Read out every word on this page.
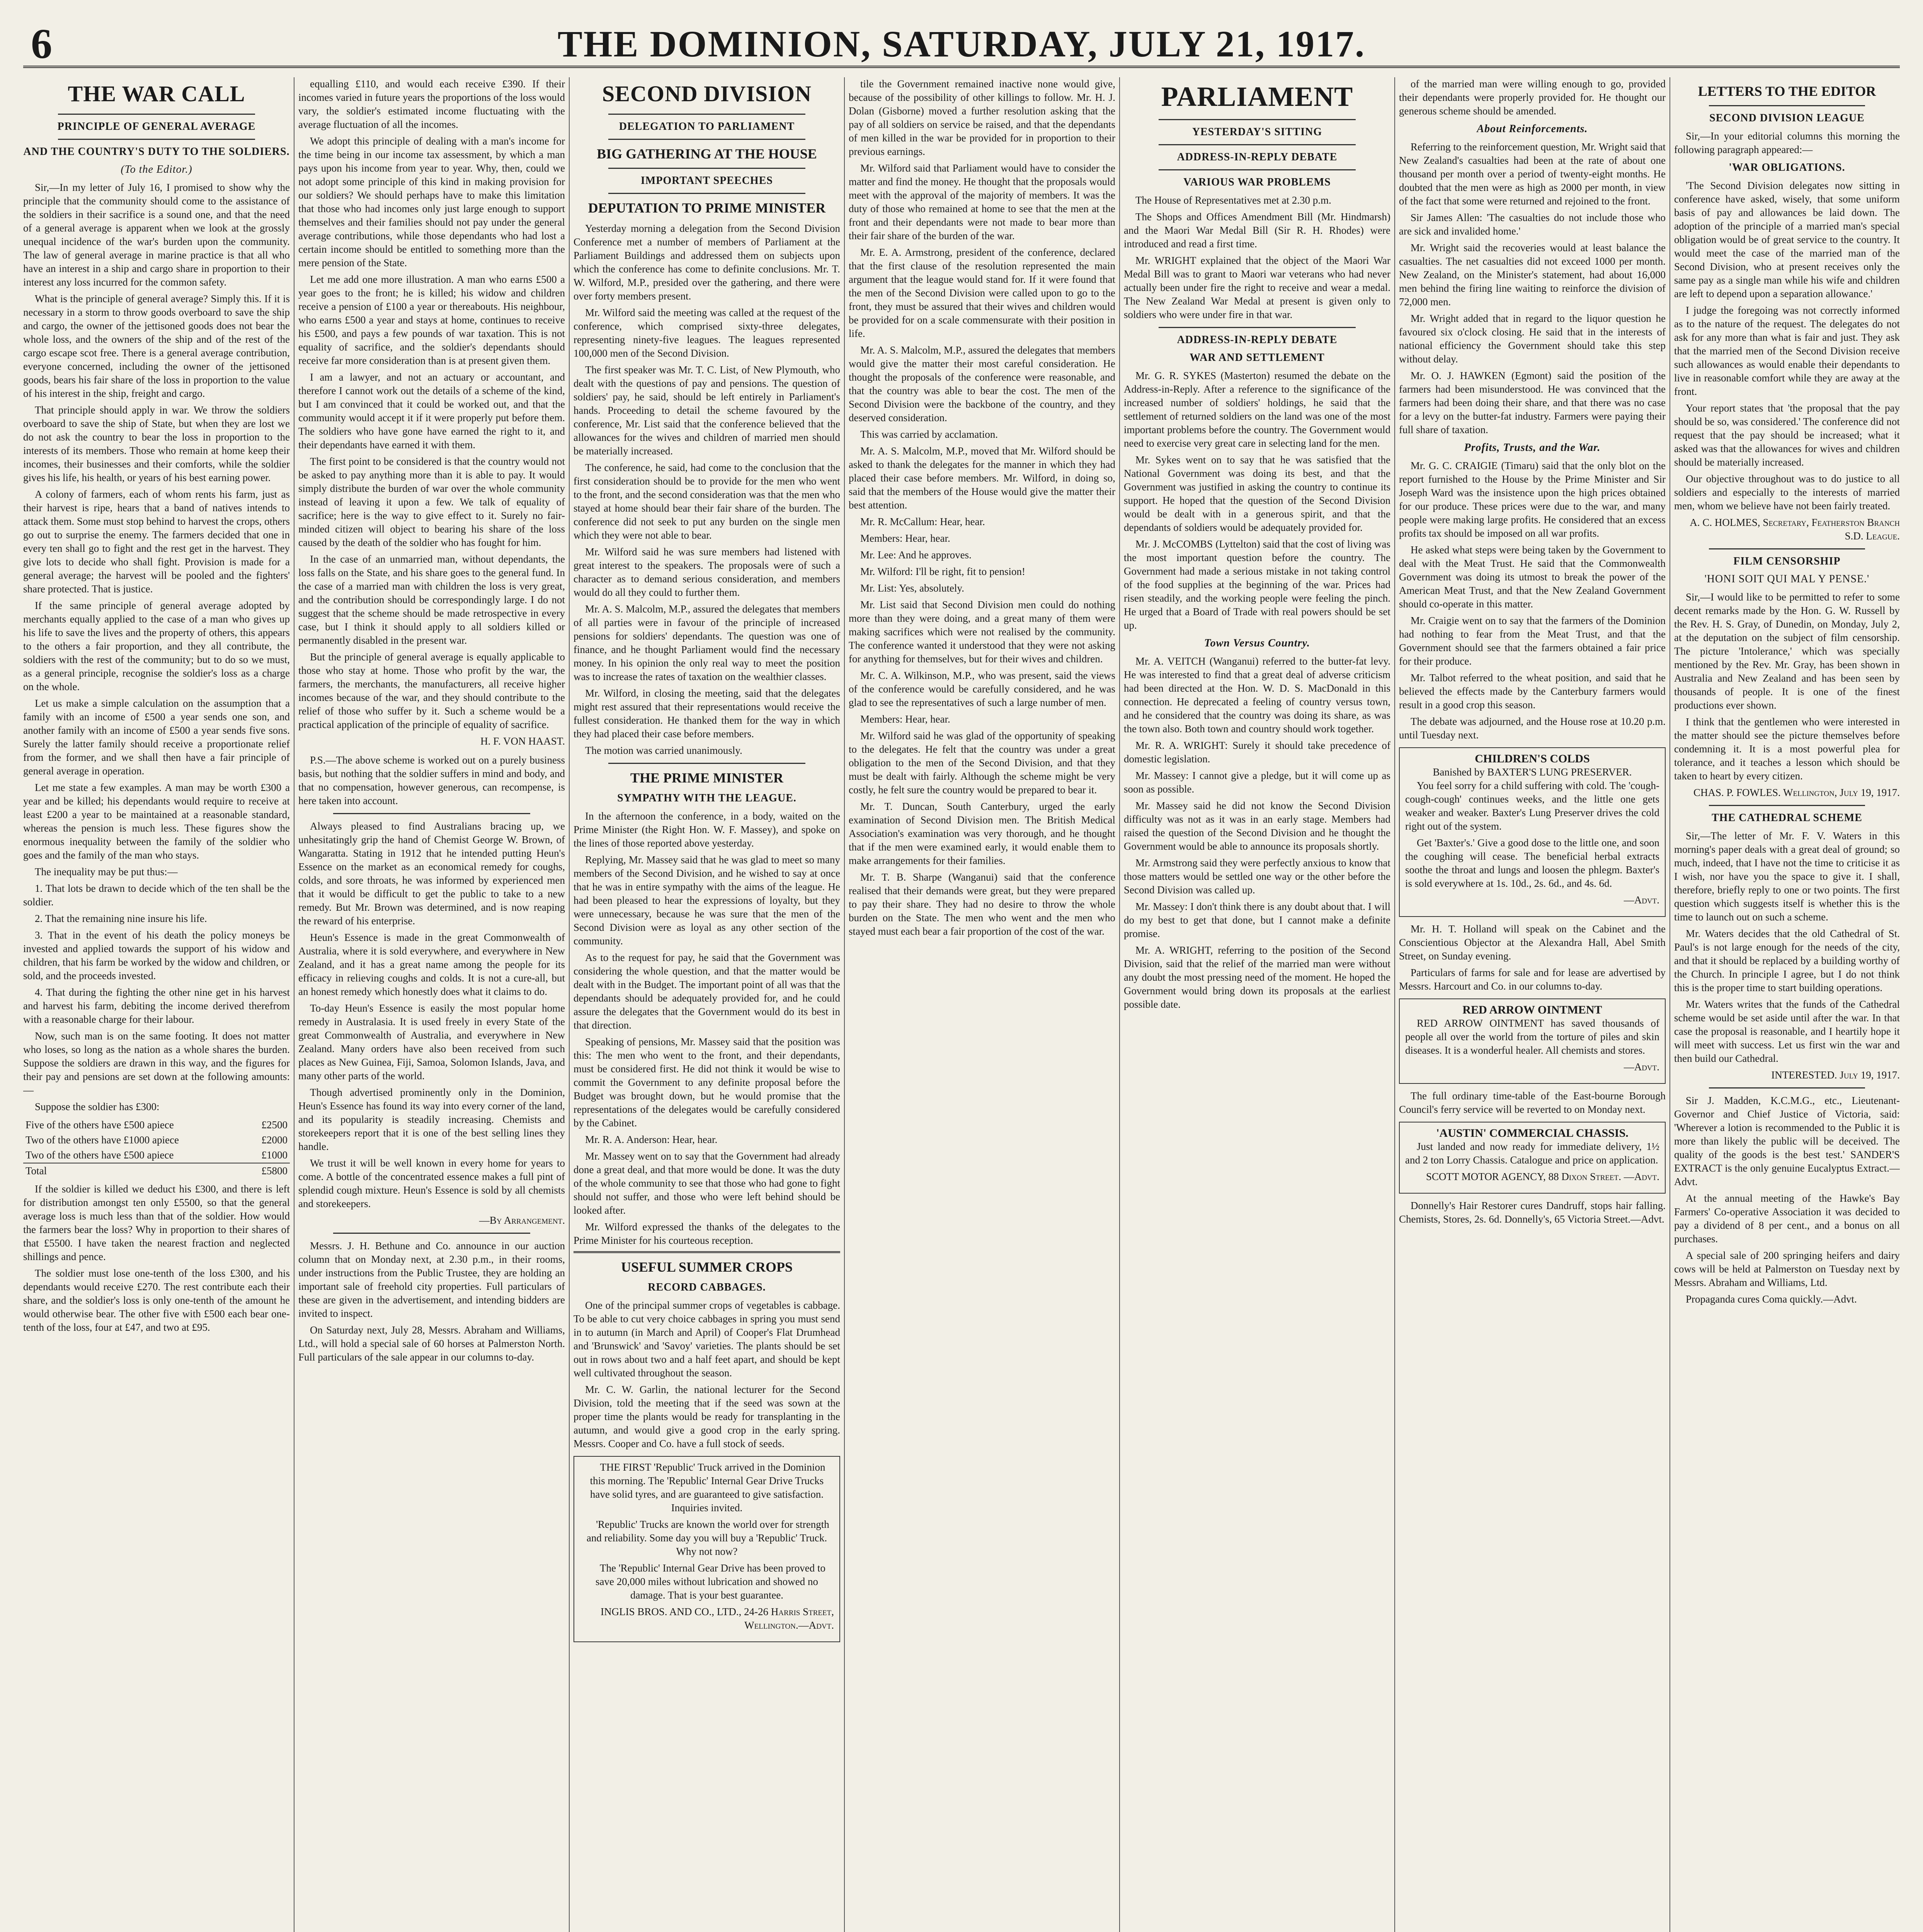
6	THE DOMINION, SATURDAY, JULY 21, 1917.
THE WAR CALL
PRINCIPLE OF GENERAL AVERAGE
AND THE COUNTRY'S DUTY TO THE SOLDIERS.
(To the Editor.)

Sir,—In my letter of July 16, I promised to show why the principle that the community should come to the assistance of the soldiers in their sacrifice is a sound one, and that the need of a general average is apparent when we look at the grossly unequal incidence of the war's burden upon the community. The law of general average in marine practice is that all who have an interest in a ship and cargo share in proportion to their interest any loss incurred for the common safety.

What is the principle of general average? Simply this. If it is necessary in a storm to throw goods overboard to save the ship and cargo, the owner of the jettisoned goods does not bear the whole loss, and the owners of the ship and of the rest of the cargo escape scot free. There is a general average contribution, everyone concerned, including the owner of the jettisoned goods, bears his fair share of the loss in proportion to the value of his interest in the ship, freight and cargo.

That principle should apply in war. We throw the soldiers overboard to save the ship of State, but when they are lost we do not ask the country to bear the loss in proportion to the interests of its members. Those who remain at home keep their incomes, their businesses and their comforts, while the soldier gives his life, his health, or years of his best earning power.

A colony of farmers, each of whom rents his farm, just as their harvest is ripe, hears that a band of natives intends to attack them. Some must stop behind to harvest the crops, others go out to surprise the enemy. The farmers decided that one in every ten shall go to fight and the rest get in the harvest. They give lots to decide who shall fight. Provision is made for a general average; the harvest will be pooled and the fighters' share protected. That is justice.

If the same principle of general average adopted by merchants equally applied to the case of a man who gives up his life to save the lives and the property of others, this appears to the others a fair proportion, and they all contribute, the soldiers with the rest of the community; but to do so we must, as a general principle, recognise the soldier's loss as a charge on the whole.

Let us make a simple calculation on the assumption that a family with an income of £500 a year sends one son, and another family with an income of £500 a year sends five sons. Surely the latter family should receive a proportionate relief from the former, and we shall then have a fair principle of general average in operation.

Let me state a few examples. A man may be worth £300 a year and be killed; his dependants would require to receive at least £200 a year to be maintained at a reasonable standard, whereas the pension is much less. These figures show the enormous inequality between the family of the soldier who goes and the family of the man who stays.

The inequality may be put thus:—

1. That lots be drawn to decide which of the ten shall be the soldier.

2. That the remaining nine insure his life.

3. That in the event of his death the policy moneys be invested and applied towards the support of his widow and children, that his farm be worked by the widow and children, or sold, and the proceeds invested.

4. That during the fighting the other nine get in his harvest and harvest his farm, debiting the income derived therefrom with a reasonable charge for their labour.

Now, such man is on the same footing. It does not matter who loses, so long as the nation as a whole shares the burden. Suppose the soldiers are drawn in this way, and the figures for their pay and pensions are set down at the following amounts:—

Suppose the soldier has £300:

Five of the others have £500 apiece	£2500
Two of the others have £1000 apiece	£2000
Two of the others have £500 apiece	£1000
Total	£5800

If the soldier is killed we deduct his £300, and there is left for distribution amongst ten only £5500, so that the general average loss is much less than that of the soldier. How would the farmers bear the loss? Why in proportion to their shares of that £5500. I have taken the nearest fraction and neglected shillings and pence.

The soldier must lose one-tenth of the loss £300, and his dependants would receive £270. The rest contribute each their share, and the soldier's loss is only one-tenth of the amount he would otherwise bear. The other five with £500 each bear one-tenth of the loss, four at £47, and two at £95.

equalling £110, and would each receive £390. If their incomes varied in future years the proportions of the loss would vary, the soldier's estimated income fluctuating with the average fluctuation of all the incomes.

We adopt this principle of dealing with a man's income for the time being in our income tax assessment, by which a man pays upon his income from year to year. Why, then, could we not adopt some principle of this kind in making provision for our soldiers? We should perhaps have to make this limitation that those who had incomes only just large enough to support themselves and their families should not pay under the general average contributions, while those dependants who had lost a certain income should be entitled to something more than the mere pension of the State.

Let me add one more illustration. A man who earns £500 a year goes to the front; he is killed; his widow and children receive a pension of £100 a year or thereabouts. His neighbour, who earns £500 a year and stays at home, continues to receive his £500, and pays a few pounds of war taxation. This is not equality of sacrifice, and the soldier's dependants should receive far more consideration than is at present given them.

I am a lawyer, and not an actuary or accountant, and therefore I cannot work out the details of a scheme of the kind, but I am convinced that it could be worked out, and that the community would accept it if it were properly put before them. The soldiers who have gone have earned the right to it, and their dependants have earned it with them.

The first point to be considered is that the country would not be asked to pay anything more than it is able to pay. It would simply distribute the burden of war over the whole community instead of leaving it upon a few. We talk of equality of sacrifice; here is the way to give effect to it. Surely no fair-minded citizen will object to bearing his share of the loss caused by the death of the soldier who has fought for him.

In the case of an unmarried man, without dependants, the loss falls on the State, and his share goes to the general fund. In the case of a married man with children the loss is very great, and the contribution should be correspondingly large. I do not suggest that the scheme should be made retrospective in every case, but I think it should apply to all soldiers killed or permanently disabled in the present war.

But the principle of general average is equally applicable to those who stay at home. Those who profit by the war, the farmers, the merchants, the manufacturers, all receive higher incomes because of the war, and they should contribute to the relief of those who suffer by it. Such a scheme would be a practical application of the principle of equality of sacrifice.

H. F. VON HAAST.

P.S.—The above scheme is worked out on a purely business basis, but nothing that the soldier suffers in mind and body, and that no compensation, however generous, can recompense, is here taken into account.

Always pleased to find Australians bracing up, we unhesitatingly grip the hand of Chemist George W. Brown, of Wangaratta. Stating in 1912 that he intended putting Heun's Essence on the market as an economical remedy for coughs, colds, and sore throats, he was informed by experienced men that it would be difficult to get the public to take to a new remedy. But Mr. Brown was determined, and is now reaping the reward of his enterprise.

Heun's Essence is made in the great Commonwealth of Australia, where it is sold everywhere, and everywhere in New Zealand, and it has a great name among the people for its efficacy in relieving coughs and colds. It is not a cure-all, but an honest remedy which honestly does what it claims to do.

To-day Heun's Essence is easily the most popular home remedy in Australasia. It is used freely in every State of the great Commonwealth of Australia, and everywhere in New Zealand. Many orders have also been received from such places as New Guinea, Fiji, Samoa, Solomon Islands, Java, and many other parts of the world.

Though advertised prominently only in the Dominion, Heun's Essence has found its way into every corner of the land, and its popularity is steadily increasing. Chemists and storekeepers report that it is one of the best selling lines they handle.

We trust it will be well known in every home for years to come. A bottle of the concentrated essence makes a full pint of splendid cough mixture. Heun's Essence is sold by all chemists and storekeepers.

—By Arrangement.

Messrs. J. H. Bethune and Co. announce in our auction column that on Monday next, at 2.30 p.m., in their rooms, under instructions from the Public Trustee, they are holding an important sale of freehold city properties. Full particulars of these are given in the advertisement, and intending bidders are invited to inspect.

On Saturday next, July 28, Messrs. Abraham and Williams, Ltd., will hold a special sale of 60 horses at Palmerston North. Full particulars of the sale appear in our columns to-day.

SECOND DIVISION
DELEGATION TO PARLIAMENT
BIG GATHERING AT THE HOUSE
IMPORTANT SPEECHES
DEPUTATION TO PRIME MINISTER

Yesterday morning a delegation from the Second Division Conference met a number of members of Parliament at the Parliament Buildings and addressed them on subjects upon which the conference has come to definite conclusions. Mr. T. W. Wilford, M.P., presided over the gathering, and there were over forty members present.

Mr. Wilford said the meeting was called at the request of the conference, which comprised sixty-three delegates, representing ninety-five leagues. The leagues represented 100,000 men of the Second Division.

The first speaker was Mr. T. C. List, of New Plymouth, who dealt with the questions of pay and pensions. The question of soldiers' pay, he said, should be left entirely in Parliament's hands. Proceeding to detail the scheme favoured by the conference, Mr. List said that the conference believed that the allowances for the wives and children of married men should be materially increased.

The conference, he said, had come to the conclusion that the first consideration should be to provide for the men who went to the front, and the second consideration was that the men who stayed at home should bear their fair share of the burden. The conference did not seek to put any burden on the single men which they were not able to bear.

Mr. Wilford said he was sure members had listened with great interest to the speakers. The proposals were of such a character as to demand serious consideration, and members would do all they could to further them.

Mr. A. S. Malcolm, M.P., assured the delegates that members of all parties were in favour of the principle of increased pensions for soldiers' dependants. The question was one of finance, and he thought Parliament would find the necessary money. In his opinion the only real way to meet the position was to increase the rates of taxation on the wealthier classes.

Mr. Wilford, in closing the meeting, said that the delegates might rest assured that their representations would receive the fullest consideration. He thanked them for the way in which they had placed their case before members.

The motion was carried unanimously.

THE PRIME MINISTER
SYMPATHY WITH THE LEAGUE.

In the afternoon the conference, in a body, waited on the Prime Minister (the Right Hon. W. F. Massey), and spoke on the lines of those reported above yesterday.

Replying, Mr. Massey said that he was glad to meet so many members of the Second Division, and he wished to say at once that he was in entire sympathy with the aims of the league. He had been pleased to hear the expressions of loyalty, but they were unnecessary, because he was sure that the men of the Second Division were as loyal as any other section of the community.

As to the request for pay, he said that the Government was considering the whole question, and that the matter would be dealt with in the Budget. The important point of all was that the dependants should be adequately provided for, and he could assure the delegates that the Government would do its best in that direction.

Speaking of pensions, Mr. Massey said that the position was this: The men who went to the front, and their dependants, must be considered first. He did not think it would be wise to commit the Government to any definite proposal before the Budget was brought down, but he would promise that the representations of the delegates would be carefully considered by the Cabinet.

Mr. R. A. Anderson: Hear, hear.

Mr. Massey went on to say that the Government had already done a great deal, and that more would be done. It was the duty of the whole community to see that those who had gone to fight should not suffer, and those who were left behind should be looked after.

Mr. Wilford expressed the thanks of the delegates to the Prime Minister for his courteous reception.

USEFUL SUMMER CROPS
RECORD CABBAGES.

One of the principal summer crops of vegetables is cabbage. To be able to cut very choice cabbages in spring you must send in to autumn (in March and April) of Cooper's Flat Drumhead and 'Brunswick' and 'Savoy' varieties. The plants should be set out in rows about two and a half feet apart, and should be kept well cultivated throughout the season.

Mr. C. W. Garlin, the national lecturer for the Second Division, told the meeting that if the seed was sown at the proper time the plants would be ready for transplanting in the autumn, and would give a good crop in the early spring. Messrs. Cooper and Co. have a full stock of seeds.

THE FIRST 'Republic' Truck arrived in the Dominion this morning. The 'Republic' Internal Gear Drive Trucks have solid tyres, and are guaranteed to give satisfaction. Inquiries invited.

'Republic' Trucks are known the world over for strength and reliability. Some day you will buy a 'Republic' Truck. Why not now?

The 'Republic' Internal Gear Drive has been proved to save 20,000 miles without lubrication and showed no damage. That is your best guarantee.

INGLIS BROS. AND CO., LTD., 24-26 Harris Street, Wellington.—Advt.

tile the Government remained inactive none would give, because of the possibility of other killings to follow. Mr. H. J. Dolan (Gisborne) moved a further resolution asking that the pay of all soldiers on service be raised, and that the dependants of men killed in the war be provided for in proportion to their previous earnings.

Mr. Wilford said that Parliament would have to consider the matter and find the money. He thought that the proposals would meet with the approval of the majority of members. It was the duty of those who remained at home to see that the men at the front and their dependants were not made to bear more than their fair share of the burden of the war.

Mr. E. A. Armstrong, president of the conference, declared that the first clause of the resolution represented the main argument that the league would stand for. If it were found that the men of the Second Division were called upon to go to the front, they must be assured that their wives and children would be provided for on a scale commensurate with their position in life.

Mr. A. S. Malcolm, M.P., assured the delegates that members would give the matter their most careful consideration. He thought the proposals of the conference were reasonable, and that the country was able to bear the cost. The men of the Second Division were the backbone of the country, and they deserved consideration.

This was carried by acclamation.

Mr. A. S. Malcolm, M.P., moved that Mr. Wilford should be asked to thank the delegates for the manner in which they had placed their case before members. Mr. Wilford, in doing so, said that the members of the House would give the matter their best attention.

Mr. R. McCallum: Hear, hear.

Members: Hear, hear.

Mr. Lee: And he approves.

Mr. Wilford: I'll be right, fit to pension!

Mr. List: Yes, absolutely.

Mr. List said that Second Division men could do nothing more than they were doing, and a great many of them were making sacrifices which were not realised by the community. The conference wanted it understood that they were not asking for anything for themselves, but for their wives and children.

Mr. C. A. Wilkinson, M.P., who was present, said the views of the conference would be carefully considered, and he was glad to see the representatives of such a large number of men.

Members: Hear, hear.

Mr. Wilford said he was glad of the opportunity of speaking to the delegates. He felt that the country was under a great obligation to the men of the Second Division, and that they must be dealt with fairly. Although the scheme might be very costly, he felt sure the country would be prepared to bear it.

Mr. T. Duncan, South Canterbury, urged the early examination of Second Division men. The British Medical Association's examination was very thorough, and he thought that if the men were examined early, it would enable them to make arrangements for their families.

Mr. T. B. Sharpe (Wanganui) said that the conference realised that their demands were great, but they were prepared to pay their share. They had no desire to throw the whole burden on the State. The men who went and the men who stayed must each bear a fair proportion of the cost of the war.

PARLIAMENT
YESTERDAY'S SITTING
ADDRESS-IN-REPLY DEBATE
VARIOUS WAR PROBLEMS

The House of Representatives met at 2.30 p.m.

The Shops and Offices Amendment Bill (Mr. Hindmarsh) and the Maori War Medal Bill (Sir R. H. Rhodes) were introduced and read a first time.

Mr. WRIGHT explained that the object of the Maori War Medal Bill was to grant to Maori war veterans who had never actually been under fire the right to receive and wear a medal. The New Zealand War Medal at present is given only to soldiers who were under fire in that war.

ADDRESS-IN-REPLY DEBATE
WAR AND SETTLEMENT

Mr. G. R. SYKES (Masterton) resumed the debate on the Address-in-Reply. After a reference to the significance of the increased number of soldiers' holdings, he said that the settlement of returned soldiers on the land was one of the most important problems before the country. The Government would need to exercise very great care in selecting land for the men.

Mr. Sykes went on to say that he was satisfied that the National Government was doing its best, and that the Government was justified in asking the country to continue its support. He hoped that the question of the Second Division would be dealt with in a generous spirit, and that the dependants of soldiers would be adequately provided for.

Mr. J. McCOMBS (Lyttelton) said that the cost of living was the most important question before the country. The Government had made a serious mistake in not taking control of the food supplies at the beginning of the war. Prices had risen steadily, and the working people were feeling the pinch. He urged that a Board of Trade with real powers should be set up.

Town Versus Country.

Mr. A. VEITCH (Wanganui) referred to the butter-fat levy. He was interested to find that a great deal of adverse criticism had been directed at the Hon. W. D. S. MacDonald in this connection. He deprecated a feeling of country versus town, and he considered that the country was doing its share, as was the town also. Both town and country should work together.

Mr. R. A. WRIGHT: Surely it should take precedence of domestic legislation.

Mr. Massey: I cannot give a pledge, but it will come up as soon as possible.

Mr. Massey said he did not know the Second Division difficulty was not as it was in an early stage. Members had raised the question of the Second Division and he thought the Government would be able to announce its proposals shortly.

Mr. Armstrong said they were perfectly anxious to know that those matters would be settled one way or the other before the Second Division was called up.

Mr. Massey: I don't think there is any doubt about that. I will do my best to get that done, but I cannot make a definite promise.

Mr. A. WRIGHT, referring to the position of the Second Division, said that the relief of the married man were without any doubt the most pressing need of the moment. He hoped the Government would bring down its proposals at the earliest possible date.

of the married man were willing enough to go, provided their dependants were properly provided for. He thought our generous scheme should be amended.

About Reinforcements.

Referring to the reinforcement question, Mr. Wright said that New Zealand's casualties had been at the rate of about one thousand per month over a period of twenty-eight months. He doubted that the men were as high as 2000 per month, in view of the fact that some were returned and rejoined to the front.

Sir James Allen: 'The casualties do not include those who are sick and invalided home.'

Mr. Wright said the recoveries would at least balance the casualties. The net casualties did not exceed 1000 per month. New Zealand, on the Minister's statement, had about 16,000 men behind the firing line waiting to reinforce the division of 72,000 men.

Mr. Wright added that in regard to the liquor question he favoured six o'clock closing. He said that in the interests of national efficiency the Government should take this step without delay.

Mr. O. J. HAWKEN (Egmont) said the position of the farmers had been misunderstood. He was convinced that the farmers had been doing their share, and that there was no case for a levy on the butter-fat industry. Farmers were paying their full share of taxation.

Profits, Trusts, and the War.

Mr. G. C. CRAIGIE (Timaru) said that the only blot on the report furnished to the House by the Prime Minister and Sir Joseph Ward was the insistence upon the high prices obtained for our produce. These prices were due to the war, and many people were making large profits. He considered that an excess profits tax should be imposed on all war profits.

He asked what steps were being taken by the Government to deal with the Meat Trust. He said that the Commonwealth Government was doing its utmost to break the power of the American Meat Trust, and that the New Zealand Government should co-operate in this matter.

Mr. Craigie went on to say that the farmers of the Dominion had nothing to fear from the Meat Trust, and that the Government should see that the farmers obtained a fair price for their produce.

Mr. Talbot referred to the wheat position, and said that he believed the effects made by the Canterbury farmers would result in a good crop this season.

The debate was adjourned, and the House rose at 10.20 p.m. until Tuesday next.

CHILDREN'S COLDS
Banished by BAXTER'S LUNG PRESERVER.

You feel sorry for a child suffering with cold. The 'cough-cough-cough' continues weeks, and the little one gets weaker and weaker. Baxter's Lung Preserver drives the cold right out of the system.

Get 'Baxter's.' Give a good dose to the little one, and soon the coughing will cease. The beneficial herbal extracts soothe the throat and lungs and loosen the phlegm. Baxter's is sold everywhere at 1s. 10d., 2s. 6d., and 4s. 6d.

—Advt.

Mr. H. T. Holland will speak on the Cabinet and the Conscientious Objector at the Alexandra Hall, Abel Smith Street, on Sunday evening.

Particulars of farms for sale and for lease are advertised by Messrs. Harcourt and Co. in our columns to-day.

RED ARROW OINTMENT

RED ARROW OINTMENT has saved thousands of people all over the world from the torture of piles and skin diseases. It is a wonderful healer. All chemists and stores.

—Advt.

The full ordinary time-table of the East-bourne Borough Council's ferry service will be reverted to on Monday next.

'AUSTIN' COMMERCIAL CHASSIS.

Just landed and now ready for immediate delivery, 1½ and 2 ton Lorry Chassis. Catalogue and price on application.

SCOTT MOTOR AGENCY, 88 Dixon Street. —Advt.

Donnelly's Hair Restorer cures Dandruff, stops hair falling. Chemists, Stores, 2s. 6d. Donnelly's, 65 Victoria Street.—Advt.

LETTERS TO THE EDITOR
SECOND DIVISION LEAGUE

Sir,—In your editorial columns this morning the following paragraph appeared:—

'WAR OBLIGATIONS.

'The Second Division delegates now sitting in conference have asked, wisely, that some uniform basis of pay and allowances be laid down. The adoption of the principle of a married man's special obligation would be of great service to the country. It would meet the case of the married man of the Second Division, who at present receives only the same pay as a single man while his wife and children are left to depend upon a separation allowance.'

I judge the foregoing was not correctly informed as to the nature of the request. The delegates do not ask for any more than what is fair and just. They ask that the married men of the Second Division receive such allowances as would enable their dependants to live in reasonable comfort while they are away at the front.

Your report states that 'the proposal that the pay should be so, was considered.' The conference did not request that the pay should be increased; what it asked was that the allowances for wives and children should be materially increased.

Our objective throughout was to do justice to all soldiers and especially to the interests of married men, whom we believe have not been fairly treated.

A. C. HOLMES, Secretary, Featherston Branch S.D. League.
FILM CENSORSHIP
'HONI SOIT QUI MAL Y PENSE.'

Sir,—I would like to be permitted to refer to some decent remarks made by the Hon. G. W. Russell by the Rev. H. S. Gray, of Dunedin, on Monday, July 2, at the deputation on the subject of film censorship. The picture 'Intolerance,' which was specially mentioned by the Rev. Mr. Gray, has been shown in Australia and New Zealand and has been seen by thousands of people. It is one of the finest productions ever shown.

I think that the gentlemen who were interested in the matter should see the picture themselves before condemning it. It is a most powerful plea for tolerance, and it teaches a lesson which should be taken to heart by every citizen.

CHAS. P. FOWLES. Wellington, July 19, 1917.
THE CATHEDRAL SCHEME

Sir,—The letter of Mr. F. V. Waters in this morning's paper deals with a great deal of ground; so much, indeed, that I have not the time to criticise it as I wish, nor have you the space to give it. I shall, therefore, briefly reply to one or two points. The first question which suggests itself is whether this is the time to launch out on such a scheme.

Mr. Waters decides that the old Cathedral of St. Paul's is not large enough for the needs of the city, and that it should be replaced by a building worthy of the Church. In principle I agree, but I do not think this is the proper time to start building operations.

Mr. Waters writes that the funds of the Cathedral scheme would be set aside until after the war. In that case the proposal is reasonable, and I heartily hope it will meet with success. Let us first win the war and then build our Cathedral.

INTERESTED. July 19, 1917.

Sir J. Madden, K.C.M.G., etc., Lieutenant-Governor and Chief Justice of Victoria, said: 'Wherever a lotion is recommended to the Public it is more than likely the public will be deceived. The quality of the goods is the best test.' SANDER'S EXTRACT is the only genuine Eucalyptus Extract.—Advt.

At the annual meeting of the Hawke's Bay Farmers' Co-operative Association it was decided to pay a dividend of 8 per cent., and a bonus on all purchases.

A special sale of 200 springing heifers and dairy cows will be held at Palmerston on Tuesday next by Messrs. Abraham and Williams, Ltd.

Propaganda cures Coma quickly.—Advt.
